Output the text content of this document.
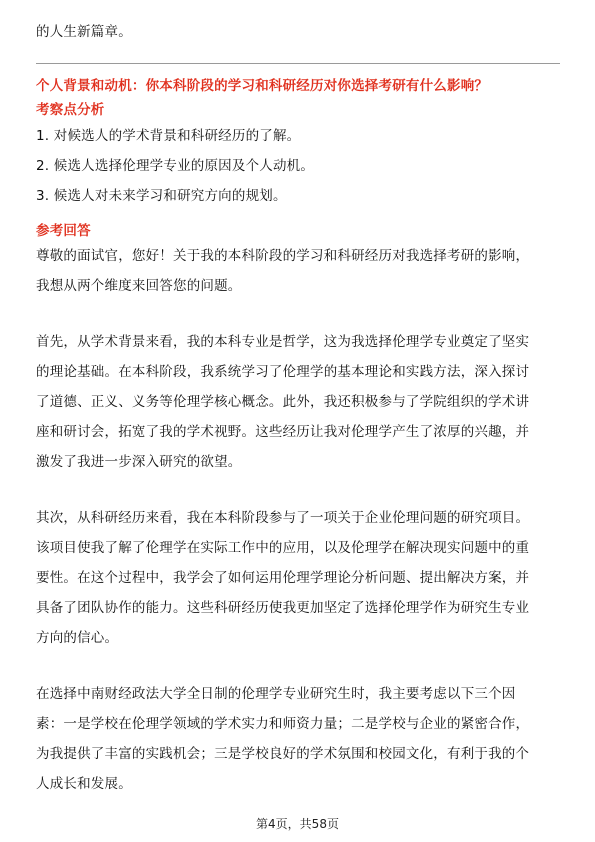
的人生新篇章。
个人背景和动机：你本科阶段的学习和科研经历对你选择考研有什么影响？
考察点分析
1. 对候选人的学术背景和科研经历的了解。
2. 候选人选择伦理学专业的原因及个人动机。
3. 候选人对未来学习和研究方向的规划。
参考回答
尊敬的面试官，您好！关于我的本科阶段的学习和科研经历对我选择考研的影响，
我想从两个维度来回答您的问题。
首先，从学术背景来看，我的本科专业是哲学，这为我选择伦理学专业奠定了坚实
的理论基础。在本科阶段，我系统学习了伦理学的基本理论和实践方法，深入探讨
了道德、正义、义务等伦理学核心概念。此外，我还积极参与了学院组织的学术讲
座和研讨会，拓宽了我的学术视野。这些经历让我对伦理学产生了浓厚的兴趣，并
激发了我进一步深入研究的欲望。
其次，从科研经历来看，我在本科阶段参与了一项关于企业伦理问题的研究项目。
该项目使我了解了伦理学在实际工作中的应用，以及伦理学在解决现实问题中的重
要性。在这个过程中，我学会了如何运用伦理学理论分析问题、提出解决方案，并
具备了团队协作的能力。这些科研经历使我更加坚定了选择伦理学作为研究生专业
方向的信心。
在选择中南财经政法大学全日制的伦理学专业研究生时，我主要考虑以下三个因
素：一是学校在伦理学领域的学术实力和师资力量；二是学校与企业的紧密合作，
为我提供了丰富的实践机会；三是学校良好的学术氛围和校园文化，有利于我的个
人成长和发展。
第4页，共58页
